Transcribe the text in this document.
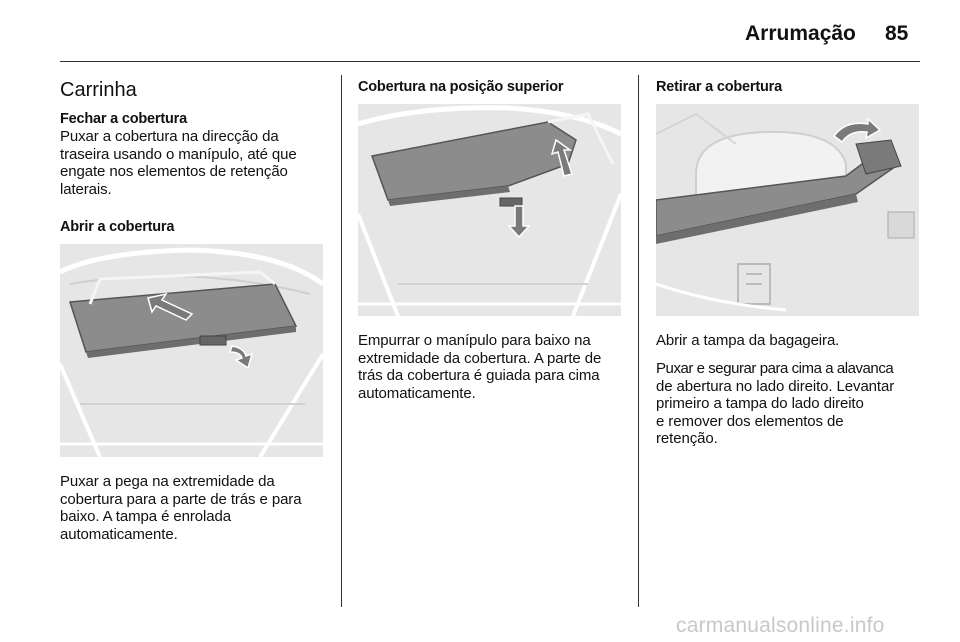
Arrumação 85
Carrinha
Fechar a cobertura
Puxar a cobertura na direcção da
traseira usando o manípulo, até que
engate nos elementos de retenção
laterais.
Abrir a cobertura
Puxar a pega na extremidade da
cobertura para a parte de trás e para
baixo. A tampa é enrolada
automaticamente.
Cobertura na posição superior
Empurrar o manípulo para baixo na
extremidade da cobertura. A parte de
trás da cobertura é guiada para cima
automaticamente.
Retirar a cobertura
Abrir a tampa da bagageira.
Puxar e segurar para cima a alavanca
de abertura no lado direito. Levantar
primeiro a tampa do lado direito
e remover dos elementos de
retenção.
carmanualsonline.info
